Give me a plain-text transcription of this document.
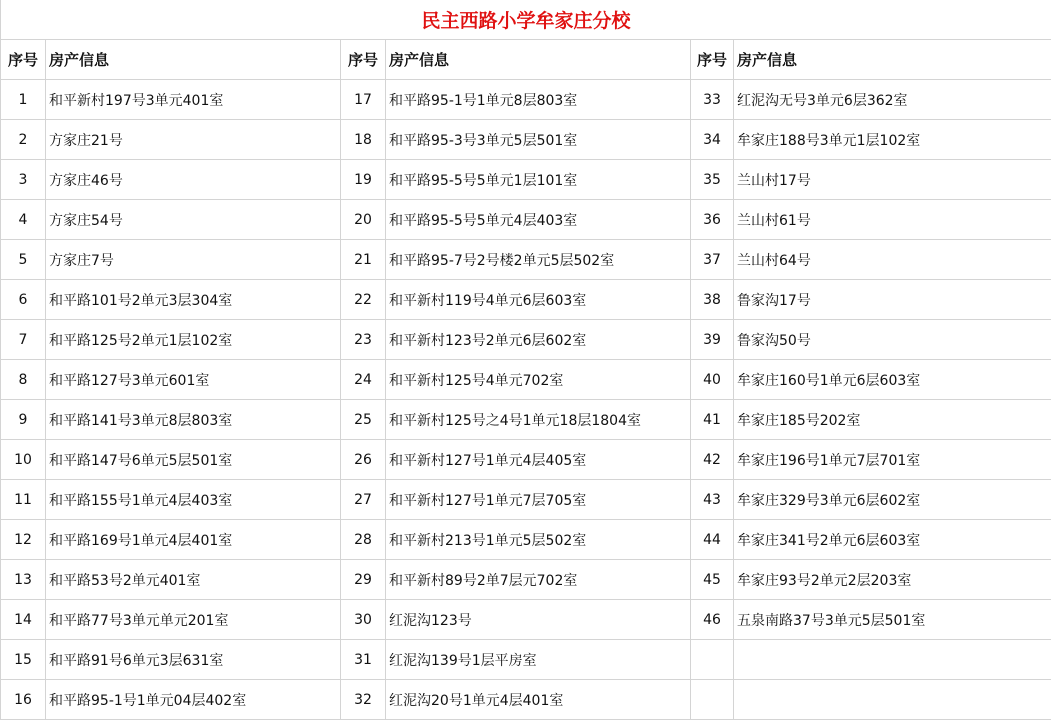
民主西路小学牟家庄分校					
序号	房产信息	序号	房产信息	序号	房产信息
1	和平新村197号3单元401室	17	和平路95-1号1单元8层803室	33	红泥沟无号3单元6层362室
2	方家庄21号	18	和平路95-3号3单元5层501室	34	牟家庄188号3单元1层102室
3	方家庄46号	19	和平路95-5号5单元1层101室	35	兰山村17号
4	方家庄54号	20	和平路95-5号5单元4层403室	36	兰山村61号
5	方家庄7号	21	和平路95-7号2号楼2单元5层502室	37	兰山村64号
6	和平路101号2单元3层304室	22	和平新村119号4单元6层603室	38	鲁家沟17号
7	和平路125号2单元1层102室	23	和平新村123号2单元6层602室	39	鲁家沟50号
8	和平路127号3单元601室	24	和平新村125号4单元702室	40	牟家庄160号1单元6层603室
9	和平路141号3单元8层803室	25	和平新村125号之4号1单元18层1804室	41	牟家庄185号202室
10	和平路147号6单元5层501室	26	和平新村127号1单元4层405室	42	牟家庄196号1单元7层701室
11	和平路155号1单元4层403室	27	和平新村127号1单元7层705室	43	牟家庄329号3单元6层602室
12	和平路169号1单元4层401室	28	和平新村213号1单元5层502室	44	牟家庄341号2单元6层603室
13	和平路53号2单元401室	29	和平新村89号2单7层元702室	45	牟家庄93号2单元2层203室
14	和平路77号3单元单元201室	30	红泥沟123号	46	五泉南路37号3单元5层501室
15	和平路91号6单元3层631室	31	红泥沟139号1层平房室		
16	和平路95-1号1单元04层402室	32	红泥沟20号1单元4层401室		
